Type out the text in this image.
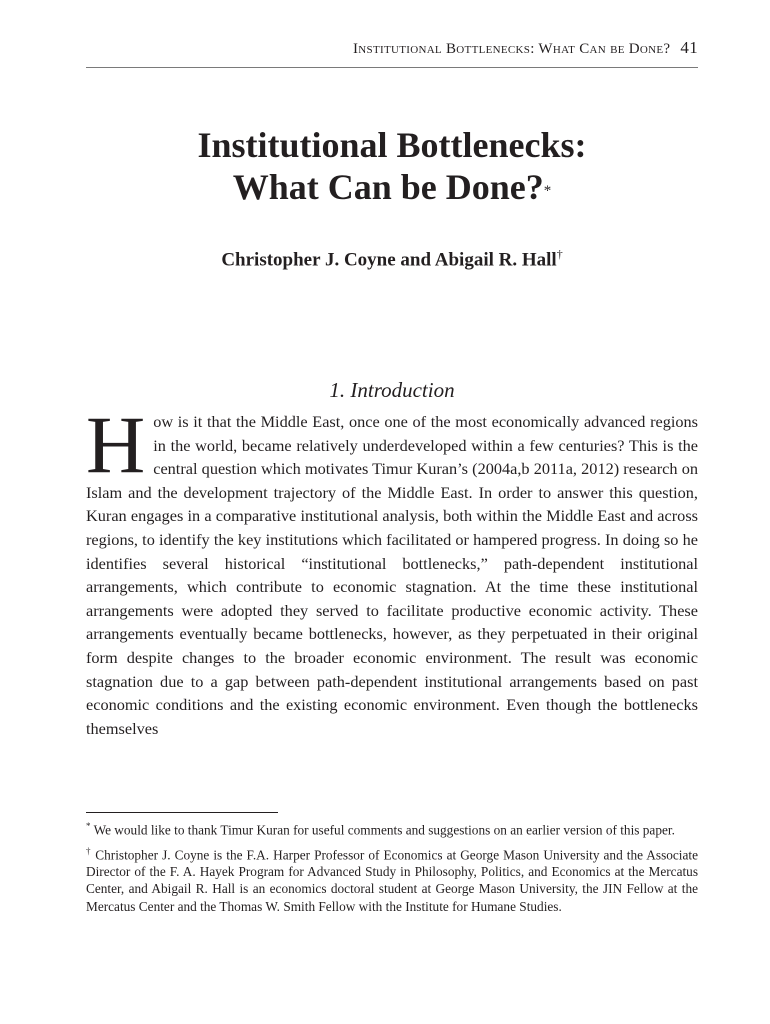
Institutional Bottlenecks: What Can be Done? 41
Institutional Bottlenecks:
What Can be Done?*
Christopher J. Coyne and Abigail R. Hall†
1. Introduction
How is it that the Middle East, once one of the most economically advanced regions in the world, became relatively underdeveloped within a few centuries? This is the central question which motivates Timur Kuran’s (2004a,b 2011a, 2012) research on Islam and the development trajectory of the Middle East. In order to answer this question, Kuran engages in a comparative institutional analysis, both within the Middle East and across regions, to identify the key institutions which facilitated or hampered progress. In doing so he identifies several historical “institutional bottlenecks,” path-dependent institutional arrangements, which contribute to economic stagnation. At the time these institutional arrangements were adopted they served to facilitate productive economic activity. These arrangements eventually became bottlenecks, however, as they perpetuated in their original form despite changes to the broader economic environment. The result was economic stagnation due to a gap between path-dependent institutional arrangements based on past economic conditions and the existing economic environment. Even though the bottlenecks themselves

* We would like to thank Timur Kuran for useful comments and suggestions on an earlier version of this paper.

† Christopher J. Coyne is the F.A. Harper Professor of Economics at George Mason University and the Associate Director of the F. A. Hayek Program for Advanced Study in Philosophy, Politics, and Economics at the Mercatus Center, and Abigail R. Hall is an economics doctoral student at George Mason University, the JIN Fellow at the Mercatus Center and the Thomas W. Smith Fellow with the Institute for Humane Studies.
